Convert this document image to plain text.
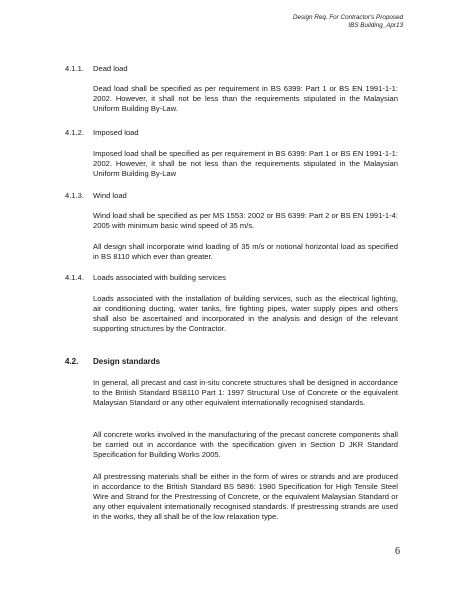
Design Req. For Contractor's Proposed
IBS Building_Apr13
4.1.1. Dead load
Dead load shall be specified as per requirement in BS 6399: Part 1 or BS EN 1991-1-1: 2002. However, it shall not be less than the requirements stipulated in the Malaysian Uniform Building By-Law.
4.1.2. Imposed load
Imposed load shall be specified as per requirement in BS 6399: Part 1 or BS EN 1991-1-1: 2002. However, it shall be not less than the requirements stipulated in the Malaysian Uniform Building By-Law
4.1.3. Wind load
Wind load shall be specified as per MS 1553: 2002 or BS 6399: Part 2 or BS EN 1991-1-4: 2005 with minimum basic wind speed of 35 m/s.
All design shall incorporate wind loading of 35 m/s or notional horizontal load as specified in BS 8110 which ever than greater.
4.1.4. Loads associated with building services
Loads associated with the installation of building services, such as the electrical lighting, air conditioning ducting, water tanks, fire fighting pipes, water supply pipes and others shall also be ascertained and incorporated in the analysis and design of the relevant supporting structures by the Contractor.
4.2. Design standards
In general, all precast and cast in-situ concrete structures shall be designed in accordance to the British Standard BS8110 Part 1: 1997 Structural Use of Concrete or the equivalent Malaysian Standard or any other equivalent internationally recognised standards.
All concrete works involved in the manufacturing of the precast concrete components shall be carried out in accordance with the specification given in Section D JKR Standard Specification for Building Works 2005.
All prestressing materials shall be either in the form of wires or strands and are produced in accordance to the British Standard BS 5896: 1980 Specification for High Tensile Steel Wire and Strand for the Prestressing of Concrete, or the equivalent Malaysian Standard or any other equivalent internationally recognised standards. If prestressing strands are used in the works, they all shall be of the low relaxation type.
6
